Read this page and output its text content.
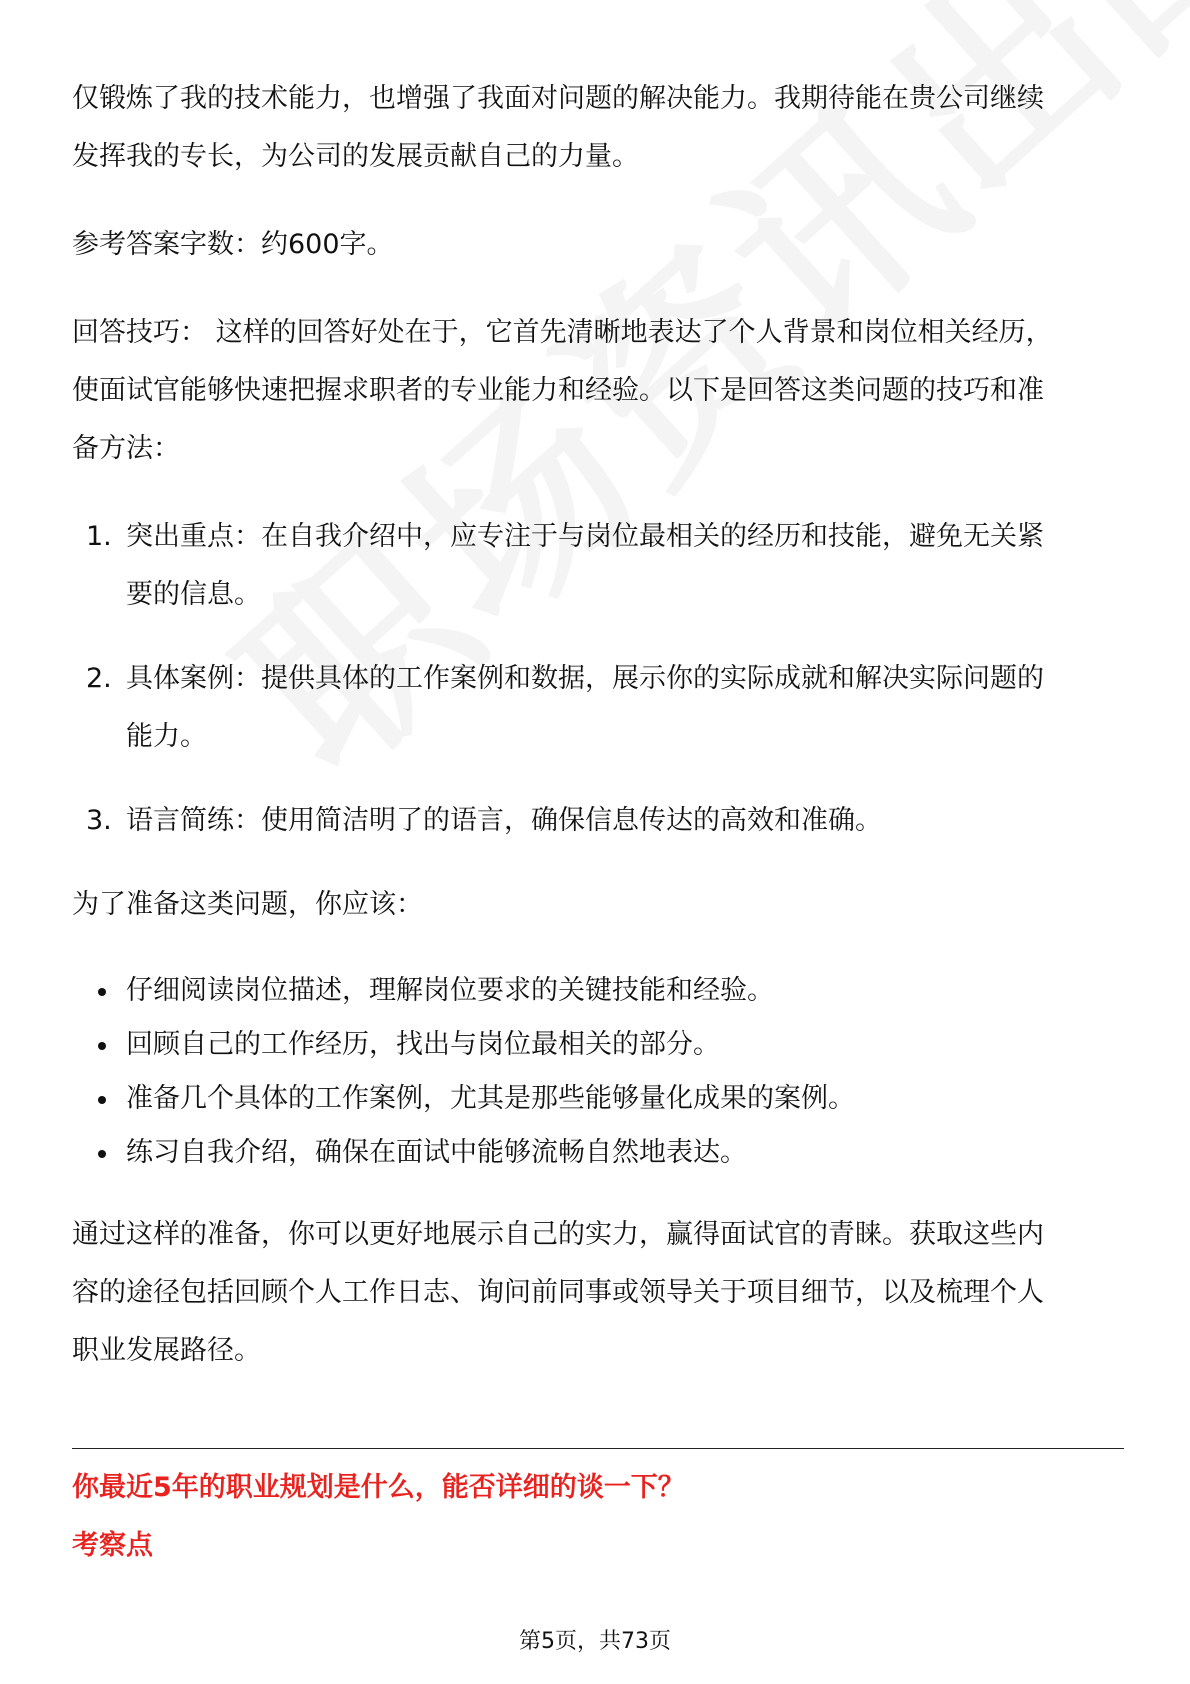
仅锻炼了我的技术能力，也增强了我面对问题的解决能力。我期待能在贵公司继续

发挥我的专长，为公司的发展贡献自己的力量。

参考答案字数：约600字。

回答技巧： 这样的回答好处在于，它首先清晰地表达了个人背景和岗位相关经历，

使面试官能够快速把握求职者的专业能力和经验。以下是回答这类问题的技巧和准

备方法：

1. 突出重点：在自我介绍中，应专注于与岗位最相关的经历和技能，避免无关紧
要的信息。
2. 具体案例：提供具体的工作案例和数据，展示你的实际成就和解决实际问题的
能力。
3. 语言简练：使用简洁明了的语言，确保信息传达的高效和准确。

为了准备这类问题，你应该：

仔细阅读岗位描述，理解岗位要求的关键技能和经验。
回顾自己的工作经历，找出与岗位最相关的部分。
准备几个具体的工作案例，尤其是那些能够量化成果的案例。
练习自我介绍，确保在面试中能够流畅自然地表达。

通过这样的准备，你可以更好地展示自己的实力，赢得面试官的青睐。获取这些内

容的途径包括回顾个人工作日志、询问前同事或领导关于项目细节，以及梳理个人

职业发展路径。

你最近5年的职业规划是什么，能否详细的谈一下？
考察点
第5页，共73页
